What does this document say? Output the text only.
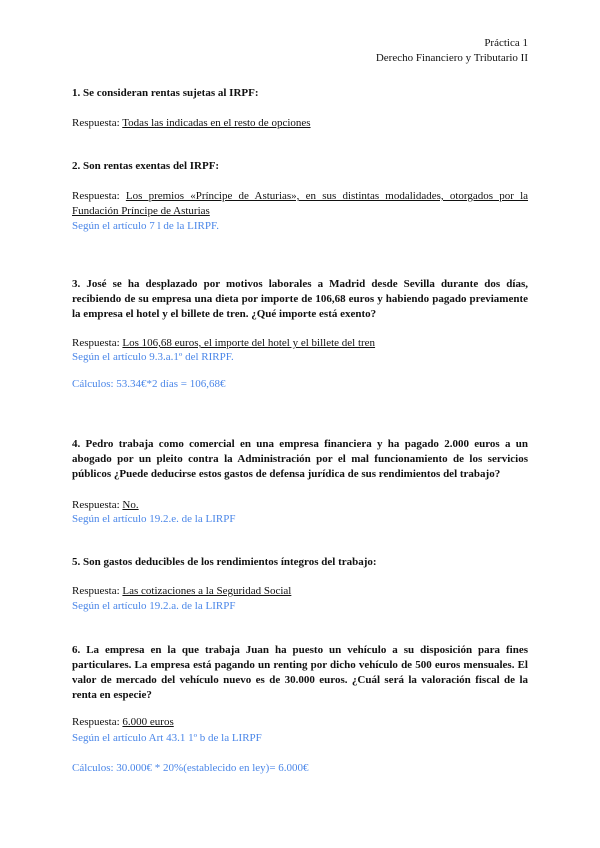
Práctica 1
Derecho Financiero y Tributario II
1. Se consideran rentas sujetas al IRPF:
Respuesta: Todas las indicadas en el resto de opciones
2. Son rentas exentas del IRPF:
Respuesta: Los premios «Príncipe de Asturias», en sus distintas modalidades, otorgados por la Fundación Príncipe de Asturias
Según el artículo 7 l de la LIRPF.
3. José se ha desplazado por motivos laborales a Madrid desde Sevilla durante dos días, recibiendo de su empresa una dieta por importe de 106,68 euros y habiendo pagado previamente la empresa el hotel y el billete de tren. ¿Qué importe está exento?
Respuesta: Los 106,68 euros, el importe del hotel y el billete del tren
Según el artículo 9.3.a.1º del RIRPF.
Cálculos: 53.34€*2 días = 106,68€
4. Pedro trabaja como comercial en una empresa financiera y ha pagado 2.000 euros a un abogado por un pleito contra la Administración por el mal funcionamiento de los servicios públicos ¿Puede deducirse estos gastos de defensa jurídica de sus rendimientos del trabajo?
Respuesta: No.
Según el artículo 19.2.e. de la LIRPF
5. Son gastos deducibles de los rendimientos íntegros del trabajo:
Respuesta: Las cotizaciones a la Seguridad Social
Según el artículo 19.2.a. de la LIRPF
6. La empresa en la que trabaja Juan ha puesto un vehículo a su disposición para fines particulares. La empresa está pagando un renting por dicho vehículo de 500 euros mensuales. El valor de mercado del vehículo nuevo es de 30.000 euros. ¿Cuál será la valoración fiscal de la renta en especie?
Respuesta: 6.000 euros
Según el artículo Art 43.1 1º b de la LIRPF
Cálculos: 30.000€ * 20%(establecido en ley)= 6.000€
